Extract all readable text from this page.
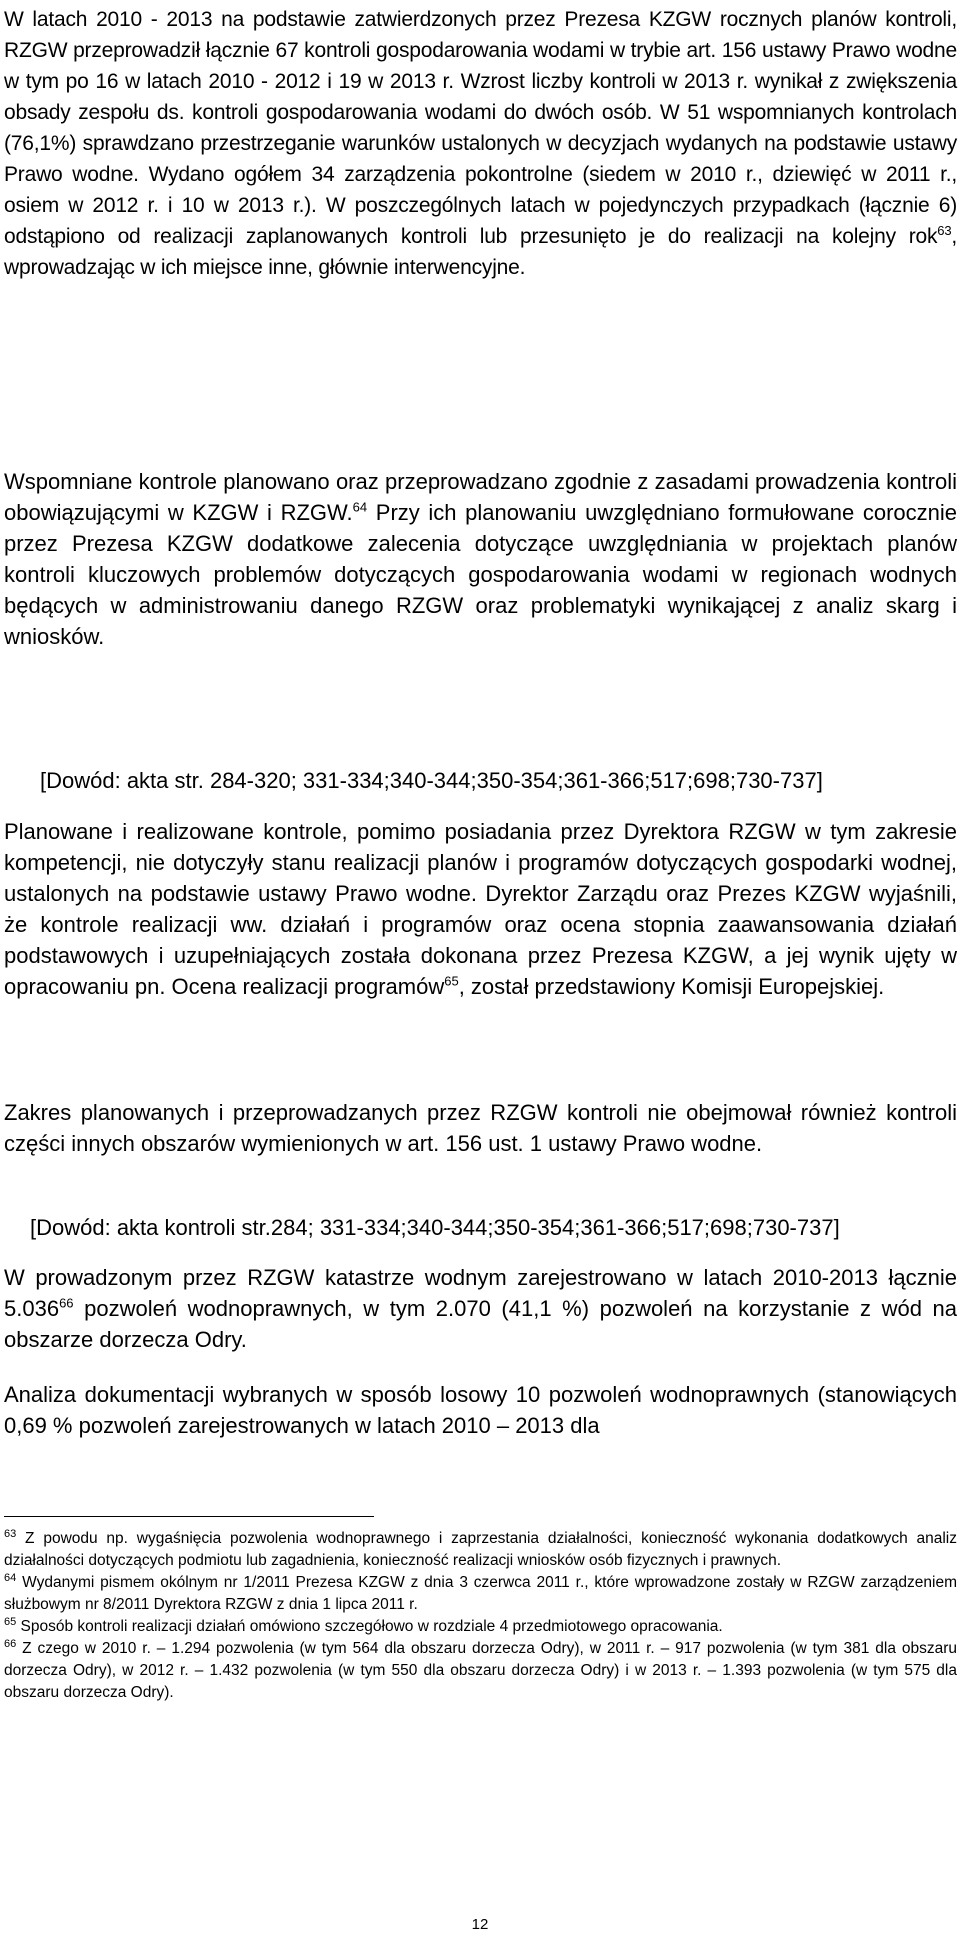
W latach 2010 - 2013 na podstawie zatwierdzonych przez Prezesa KZGW rocznych planów kontroli, RZGW przeprowadził łącznie 67 kontroli gospodarowania wodami w trybie art. 156 ustawy Prawo wodne w tym po 16 w latach 2010 - 2012 i 19 w 2013 r. Wzrost liczby kontroli w 2013 r. wynikał z zwiększenia obsady zespołu ds. kontroli gospodarowania wodami do dwóch osób. W 51 wspomnianych kontrolach (76,1%) sprawdzano przestrzeganie warunków ustalonych w decyzjach wydanych na podstawie ustawy Prawo wodne. Wydano ogółem 34 zarządzenia pokontrolne (siedem w 2010 r., dziewięć w 2011 r., osiem w 2012 r. i 10 w 2013 r.). W poszczególnych latach w pojedynczych przypadkach (łącznie 6) odstąpiono od realizacji zaplanowanych kontroli lub przesunięto je do realizacji na kolejny rok$^{63}$, wprowadzając w ich miejsce inne, głównie interwencyjne.

Wspomniane kontrole planowano oraz przeprowadzano zgodnie z zasadami prowadzenia kontroli obowiązującymi w KZGW i RZGW.$^{64}$ Przy ich planowaniu uwzględniano formułowane corocznie przez Prezesa KZGW dodatkowe zalecenia dotyczące uwzględniania w projektach planów kontroli kluczowych problemów dotyczących gospodarowania wodami w regionach wodnych będących w administrowaniu danego RZGW oraz problematyki wynikającej z analiz skarg i wniosków.

[Dowód: akta str. 284-320; 331-334;340-344;350-354;361-366;517;698;730-737]

Planowane i realizowane kontrole, pomimo posiadania przez Dyrektora RZGW w tym zakresie kompetencji, nie dotyczyły stanu realizacji planów i programów dotyczących gospodarki wodnej, ustalonych na podstawie ustawy Prawo wodne. Dyrektor Zarządu oraz Prezes KZGW wyjaśnili, że kontrole realizacji ww. działań i programów oraz ocena stopnia zaawansowania działań podstawowych i uzupełniających została dokonana przez Prezesa KZGW, a jej wynik ujęty w opracowaniu pn. Ocena realizacji programów$^{65}$, został przedstawiony Komisji Europejskiej.

Zakres planowanych i przeprowadzanych przez RZGW kontroli nie obejmował również kontroli części innych obszarów wymienionych w art. 156 ust. 1 ustawy Prawo wodne.

[Dowód: akta kontroli str.284; 331-334;340-344;350-354;361-366;517;698;730-737]

W prowadzonym przez RZGW katastrze wodnym zarejestrowano w latach 2010-2013 łącznie 5.036$^{66}$ pozwoleń wodnoprawnych, w tym 2.070 (41,1 %) pozwoleń na korzystanie z wód na obszarze dorzecza Odry.

Analiza dokumentacji wybranych w sposób losowy 10 pozwoleń wodnoprawnych (stanowiących 0,69 % pozwoleń zarejestrowanych w latach 2010 – 2013 dla

$^{63}$ Z powodu np. wygaśnięcia pozwolenia wodnoprawnego i zaprzestania działalności, konieczność wykonania dodatkowych analiz działalności dotyczących podmiotu lub zagadnienia, konieczność realizacji wniosków osób fizycznych i prawnych.

$^{64}$ Wydanymi pismem okólnym nr 1/2011 Prezesa KZGW z dnia 3 czerwca 2011 r., które wprowadzone zostały w RZGW zarządzeniem służbowym nr 8/2011 Dyrektora RZGW z dnia 1 lipca 2011 r.

$^{65}$ Sposób kontroli realizacji działań omówiono szczegółowo w rozdziale 4 przedmiotowego opracowania.

$^{66}$ Z czego w 2010 r. – 1.294 pozwolenia (w tym 564 dla obszaru dorzecza Odry), w 2011 r. – 917 pozwolenia (w tym 381 dla obszaru dorzecza Odry), w 2012 r. – 1.432 pozwolenia (w tym 550 dla obszaru dorzecza Odry) i w 2013 r. – 1.393 pozwolenia (w tym 575 dla obszaru dorzecza Odry).

12
